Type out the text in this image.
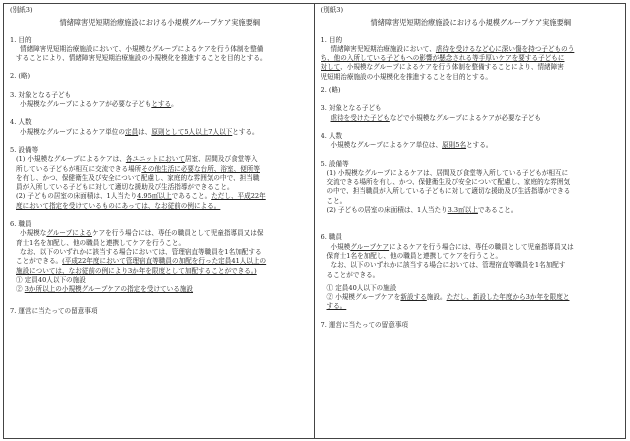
(別紙3)
情緒障害児短期治療施設における小規模グループケア実施要綱
1. 目的
情緒障害児短期治療施設において、小規模なグループによるケアを行う体制を整備
することにより、情緒障害児短期治療施設の小規模化を推進することを目的とする。
2. (略)
3. 対象となる子ども
小規模なグループによるケアが必要な子どもとする。
4. 人数
小規模なグループによるケア単位の定員は、原則として5人以上7人以下とする。
5. 設備等
(1) 小規模なグループによるケアは、各ユニットにおいて居室、居間及び食堂等入
所している子どもが相互に交流できる場所その他生活に必要な台所、浴室、便所等
を有し、かつ、保健衛生及び安全について配慮し、家庭的な雰囲気の中で、担当職
員が入所している子どもに対して適切な援助及び生活指導ができること。
(2) 子どもの居室の床面積は、1人当たり4.95㎡以上であること。ただし、平成22年
度において指定を受けているものにあっては、なお従前の例による。
6. 職員
小規模なグループによるケアを行う場合には、専任の職員として児童指導員又は保
育士1名を加配し、他の職員と連携してケアを行うこと。
なお、以下のいずれかに該当する場合においては、管理宿直等職員を1名加配する
ことができる。(平成22年度において管理宿直等職員の加配を行った定員41人以上の
施設については、なお従前の例により3か年を限度として加配することができる。)
① 定員40人以下の施設
② 3か所以上の小規模グループケアの指定を受けている施設
7. 運営に当たっての留意事項
(別紙3)
情緒障害児短期治療施設における小規模グループケア実施要綱
1. 目的
情緒障害児短期治療施設において、虐待を受けるなど心に深い傷を持つ子どものう
ち、他の入所している子どもへの影響が懸念される等手厚いケアを要する子どもに
対して、小規模なグループによるケアを行う体制を整備することにより、情緒障害
児短期治療施設の小規模化を推進することを目的とする。
2. (略)
3. 対象となる子ども
虐待を受けた子どもなどで小規模なグループによるケアが必要な子ども
4. 人数
小規模なグループによるケア単位は、原則5名とする。
5. 設備等
(1) 小規模なグループによるケアは、居間及び食堂等入所している子どもが相互に
交流できる場所を有し、かつ、保健衛生及び安全について配慮し、家庭的な雰囲気
の中で、担当職員が入所している子どもに対して適切な援助及び生活指導ができる
こと。
(2) 子どもの居室の床面積は、1人当たり3.3㎡以上であること。
6. 職員
小規模グループケアによるケアを行う場合には、専任の職員として児童指導員又は
保育士1名を加配し、他の職員と連携してケアを行うこと。
なお、以下のいずれかに該当する場合においては、管理宿直等職員を1名加配す
ることができる。
① 定員40人以下の施設
② 小規模グループケアを新設する施設。ただし、新設した年度から3か年を限度と
する。
7. 運営に当たっての留意事項
